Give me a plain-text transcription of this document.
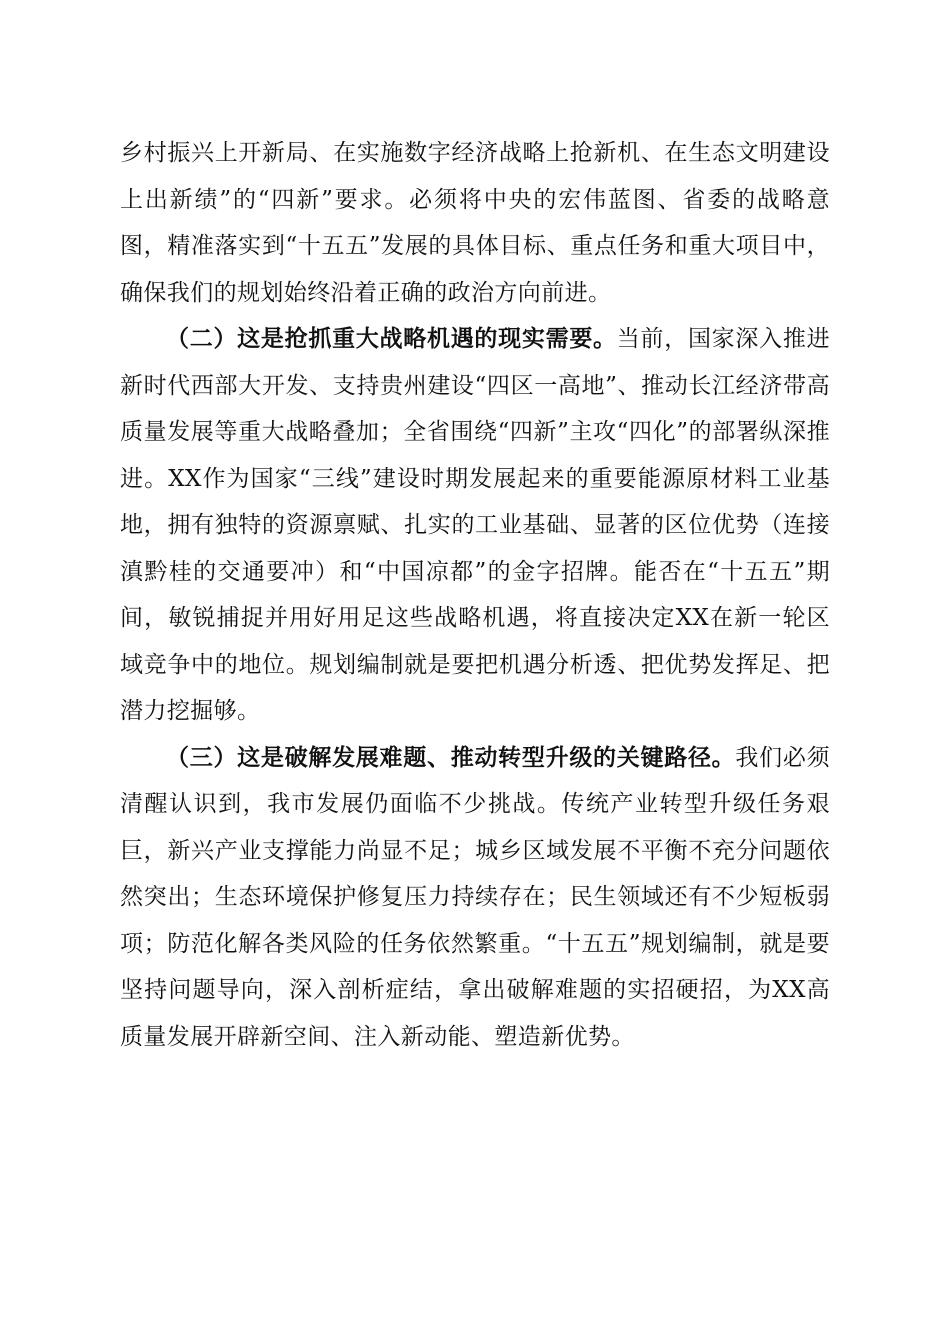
乡村振兴上开新局、在实施数字经济战略上抢新机、在生态文明建设上出新绩”的“四新”要求。必须将中央的宏伟蓝图、省委的战略意图，精准落实到“十五五”发展的具体目标、重点任务和重大项目中，确保我们的规划始终沿着正确的政治方向前进。

（二）这是抢抓重大战略机遇的现实需要。当前，国家深入推进新时代西部大开发、支持贵州建设“四区一高地”、推动长江经济带高质量发展等重大战略叠加；全省围绕“四新”主攻“四化”的部署纵深推进。XX作为国家“三线”建设时期发展起来的重要能源原材料工业基地，拥有独特的资源禀赋、扎实的工业基础、显著的区位优势（连接滇黔桂的交通要冲）和“中国凉都”的金字招牌。能否在“十五五”期间，敏锐捕捉并用好用足这些战略机遇，将直接决定XX在新一轮区域竞争中的地位。规划编制就是要把机遇分析透、把优势发挥足、把潜力挖掘够。

（三）这是破解发展难题、推动转型升级的关键路径。我们必须清醒认识到，我市发展仍面临不少挑战。传统产业转型升级任务艰巨，新兴产业支撑能力尚显不足；城乡区域发展不平衡不充分问题依然突出；生态环境保护修复压力持续存在；民生领域还有不少短板弱项；防范化解各类风险的任务依然繁重。“十五五”规划编制，就是要坚持问题导向，深入剖析症结，拿出破解难题的实招硬招，为XX高质量发展开辟新空间、注入新动能、塑造新优势。
